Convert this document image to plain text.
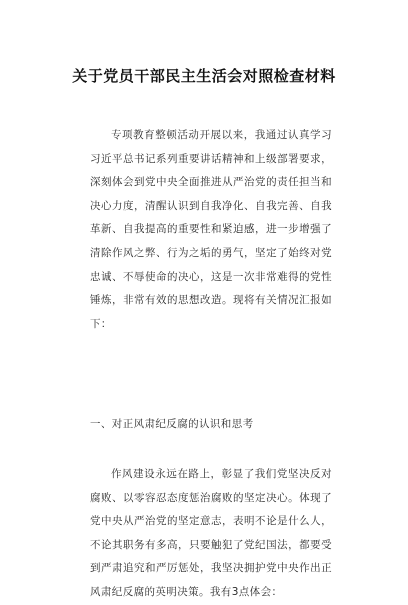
关于党员干部民主生活会对照检查材料

专项教育整顿活动开展以来，我通过认真学习习近平总书记系列重要讲话精神和上级部署要求，深刻体会到党中央全面推进从严治党的责任担当和决心力度，清醒认识到自我净化、自我完善、自我革新、自我提高的重要性和紧迫感，进一步增强了清除作风之弊、行为之垢的勇气，坚定了始终对党忠诚、不辱使命的决心，这是一次非常难得的党性锤炼，非常有效的思想改造。现将有关情况汇报如下：

一、对正风肃纪反腐的认识和思考

作风建设永远在路上，彰显了我们党坚决反对腐败、以零容忍态度惩治腐败的坚定决心。体现了党中央从严治党的坚定意志，表明不论是什么人，不论其职务有多高，只要触犯了党纪国法，都要受到严肃追究和严厉惩处，我坚决拥护党中央作出正风肃纪反腐的英明决策。我有3点体会：
